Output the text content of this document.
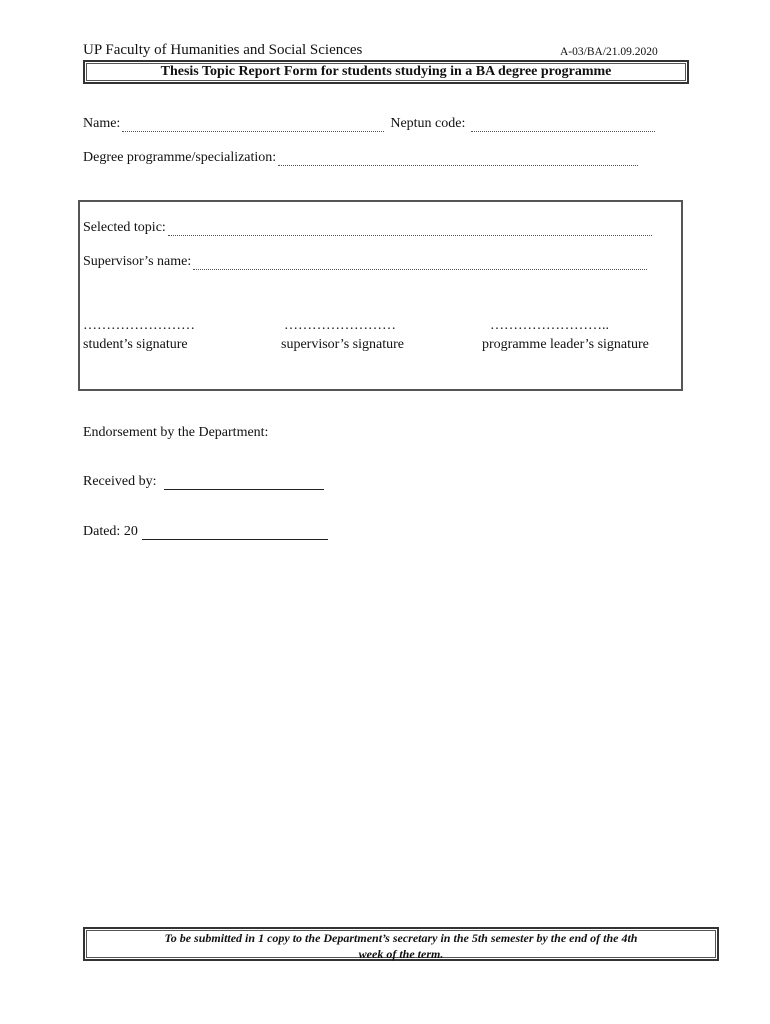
UP Faculty of Humanities and Social Sciences	A-03/BA/21.09.2020
Thesis Topic Report Form for students studying in a BA degree programme
Name:	Neptun code:
Degree programme/specialization:
Selected topic:
Supervisor’s name:
……………………
student’s signature
……………………
supervisor’s signature
……………………..
programme leader’s signature
Endorsement by the Department:
Received by:
Dated: 20
To be submitted in 1 copy to the Department’s secretary in the 5th semester by the end of the 4th
week of the term.
